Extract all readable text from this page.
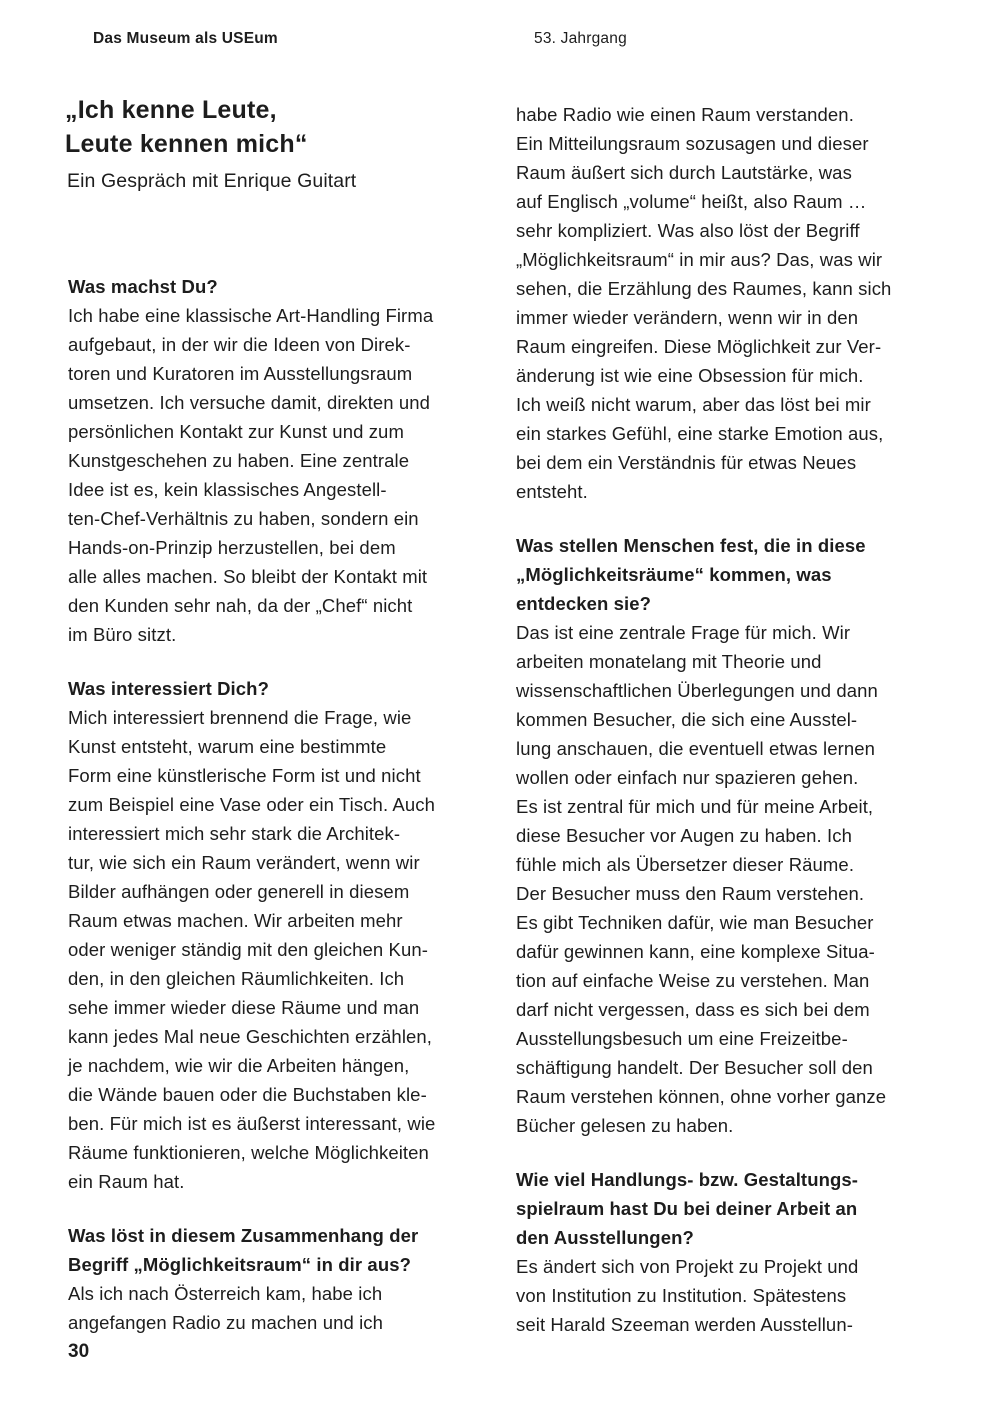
Das Museum als USEum	53. Jahrgang
„Ich kenne Leute,
Leute kennen mich“
Ein Gespräch mit Enrique Guitart

Was machst Du?

Ich habe eine klassische Art-Handling Firma

aufgebaut, in der wir die Ideen von Direk-

toren und Kuratoren im Ausstellungsraum

umsetzen. Ich versuche damit, direkten und

persönlichen Kontakt zur Kunst und zum

Kunstgeschehen zu haben. Eine zentrale

Idee ist es, kein klassisches Angestell-

ten-Chef-Verhältnis zu haben, sondern ein

Hands-on-Prinzip herzustellen, bei dem

alle alles machen. So bleibt der Kontakt mit

den Kunden sehr nah, da der „Chef“ nicht

im Büro sitzt.

Was interessiert Dich?

Mich interessiert brennend die Frage, wie

Kunst entsteht, warum eine bestimmte

Form eine künstlerische Form ist und nicht

zum Beispiel eine Vase oder ein Tisch. Auch

interessiert mich sehr stark die Architek-

tur, wie sich ein Raum verändert, wenn wir

Bilder aufhängen oder generell in diesem

Raum etwas machen. Wir arbeiten mehr

oder weniger ständig mit den gleichen Kun-

den, in den gleichen Räumlichkeiten. Ich

sehe immer wieder diese Räume und man

kann jedes Mal neue Geschichten erzählen,

je nachdem, wie wir die Arbeiten hängen,

die Wände bauen oder die Buchstaben kle-

ben. Für mich ist es äußerst interessant, wie

Räume funktionieren, welche Möglichkeiten

ein Raum hat.

Was löst in diesem Zusammenhang der

Begriff „Möglichkeitsraum“ in dir aus?

Als ich nach Österreich kam, habe ich

angefangen Radio zu machen und ich

habe Radio wie einen Raum verstanden.

Ein Mitteilungsraum sozusagen und dieser

Raum äußert sich durch Lautstärke, was

auf Englisch „volume“ heißt, also Raum …

sehr kompliziert. Was also löst der Begriff

„Möglichkeitsraum“ in mir aus? Das, was wir

sehen, die Erzählung des Raumes, kann sich

immer wieder verändern, wenn wir in den

Raum eingreifen. Diese Möglichkeit zur Ver-

änderung ist wie eine Obsession für mich.

Ich weiß nicht warum, aber das löst bei mir

ein starkes Gefühl, eine starke Emotion aus,

bei dem ein Verständnis für etwas Neues

entsteht.

Was stellen Menschen fest, die in diese

„Möglichkeitsräume“ kommen, was

entdecken sie?

Das ist eine zentrale Frage für mich. Wir

arbeiten monatelang mit Theorie und

wissenschaftlichen Überlegungen und dann

kommen Besucher, die sich eine Ausstel-

lung anschauen, die eventuell etwas lernen

wollen oder einfach nur spazieren gehen.

Es ist zentral für mich und für meine Arbeit,

diese Besucher vor Augen zu haben. Ich

fühle mich als Übersetzer dieser Räume.

Der Besucher muss den Raum verstehen.

Es gibt Techniken dafür, wie man Besucher

dafür gewinnen kann, eine komplexe Situa-

tion auf einfache Weise zu verstehen. Man

darf nicht vergessen, dass es sich bei dem

Ausstellungsbesuch um eine Freizeitbe-

schäftigung handelt. Der Besucher soll den

Raum verstehen können, ohne vorher ganze

Bücher gelesen zu haben.

Wie viel Handlungs- bzw. Gestaltungs-

spielraum hast Du bei deiner Arbeit an

den Ausstellungen?

Es ändert sich von Projekt zu Projekt und

von Institution zu Institution. Spätestens

seit Harald Szeeman werden Ausstellun-

30
